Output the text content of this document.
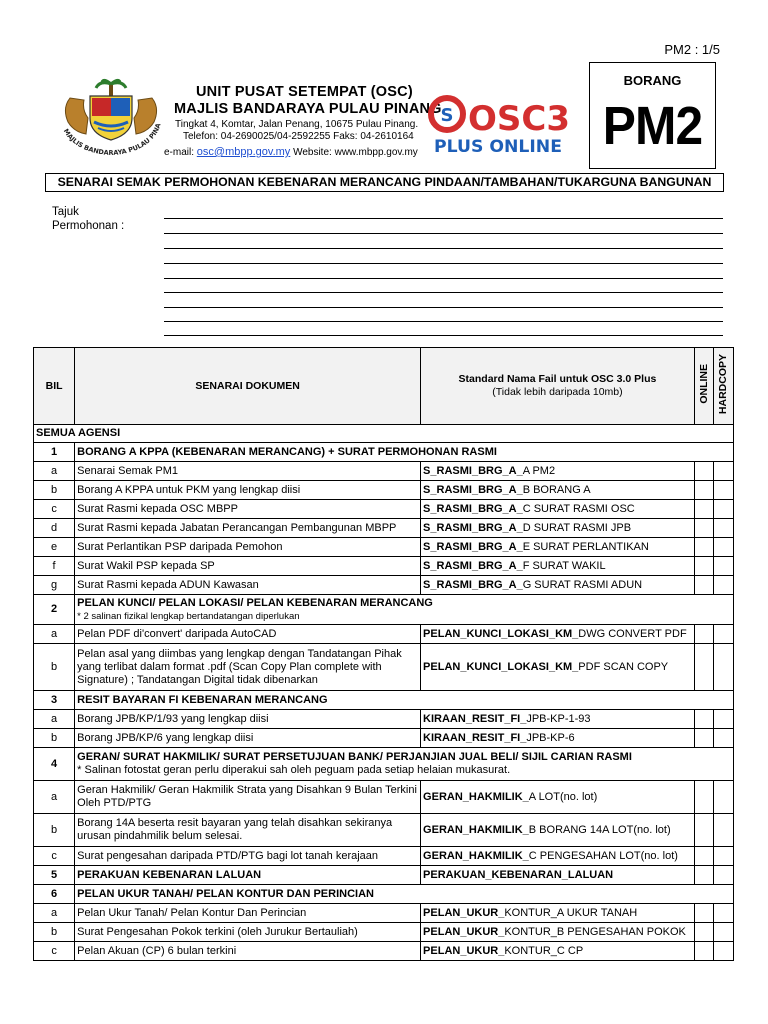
PM2 : 1/5
MAJLIS BANDARAYA PULAU PINA
UNIT PUSAT SETEMPAT (OSC)
MAJLIS BANDARAYA PULAU PINANG
Tingkat 4, Komtar, Jalan Penang, 10675 Pulau Pinang.
Telefon: 04-2690025/04-2592255 Faks: 04-2610164
e-mail: osc@mbpp.gov.my Website: www.mbpp.gov.my
S OSC3
PLUS ONLINE
BORANG
PM2
SENARAI SEMAK PERMOHONAN KEBENARAN MERANCANG PINDAAN/TAMBAHAN/TUKARGUNA BANGUNAN
Tajuk
Permohonan :
BIL	SENARAI DOKUMEN	Standard Nama Fail untuk OSC 3.0 Plus
(Tidak lebih daripada 10mb)	ONLINE	HARDCOPY
SEMUA AGENSI				
1	BORANG A KPPA (KEBENARAN MERANCANG) + SURAT PERMOHONAN RASMI			

a	Senarai Semak PM1	S_RASMI_BRG_A_A PM2		
b	Borang A KPPA untuk PKM yang lengkap diisi	S_RASMI_BRG_A_B BORANG A		
c	Surat Rasmi kepada OSC MBPP	S_RASMI_BRG_A_C SURAT RASMI OSC		
d	Surat Rasmi kepada Jabatan Perancangan Pembangunan MBPP	S_RASMI_BRG_A_D SURAT RASMI JPB		
e	Surat Perlantikan PSP daripada Pemohon	S_RASMI_BRG_A_E SURAT PERLANTIKAN		
f	Surat Wakil PSP kepada SP	S_RASMI_BRG_A_F SURAT WAKIL		
g	Surat Rasmi kepada ADUN Kawasan	S_RASMI_BRG_A_G SURAT RASMI ADUN		
2	PELAN KUNCI/ PELAN LOKASI/ PELAN KEBENARAN MERANCANG
* 2 salinan fizikal lengkap bertandatangan diperlukan			

a	Pelan PDF di'convert' daripada AutoCAD	PELAN_KUNCI_LOKASI_KM_DWG CONVERT PDF		
b	Pelan asal yang diimbas yang lengkap dengan Tandatangan Pihak yang terlibat dalam format .pdf (Scan Copy Plan complete with Signature) ; Tandatangan Digital tidak dibenarkan	PELAN_KUNCI_LOKASI_KM_PDF SCAN COPY		
3	RESIT BAYARAN FI KEBENARAN MERANCANG			

a	Borang JPB/KP/1/93 yang lengkap diisi	KIRAAN_RESIT_FI_JPB-KP-1-93		
b	Borang JPB/KP/6 yang lengkap diisi	KIRAAN_RESIT_FI_JPB-KP-6		
4	GERAN/ SURAT HAKMILIK/ SURAT PERSETUJUAN BANK/ PERJANJIAN JUAL BELI/ SIJIL CARIAN RASMI
* Salinan fotostat geran perlu diperakui sah oleh peguam pada setiap helaian mukasurat.			

a	Geran Hakmilik/ Geran Hakmilik Strata yang Disahkan 9 Bulan Terkini Oleh PTD/PTG	GERAN_HAKMILIK_A LOT(no. lot)		
b	Borang 14A beserta resit bayaran yang telah disahkan sekiranya urusan pindahmilik belum selesai.	GERAN_HAKMILIK_B BORANG 14A LOT(no. lot)		
c	Surat pengesahan daripada PTD/PTG bagi lot tanah kerajaan	GERAN_HAKMILIK_C PENGESAHAN LOT(no. lot)		
5	PERAKUAN KEBENARAN LALUAN	PERAKUAN_KEBENARAN_LALUAN		
6	PELAN UKUR TANAH/ PELAN KONTUR DAN PERINCIAN			

a	Pelan Ukur Tanah/ Pelan Kontur Dan Perincian	PELAN_UKUR_KONTUR_A UKUR TANAH		
b	Surat Pengesahan Pokok terkini (oleh Jurukur Bertauliah)	PELAN_UKUR_KONTUR_B PENGESAHAN POKOK		
c	Pelan Akuan (CP) 6 bulan terkini	PELAN_UKUR_KONTUR_C CP		
